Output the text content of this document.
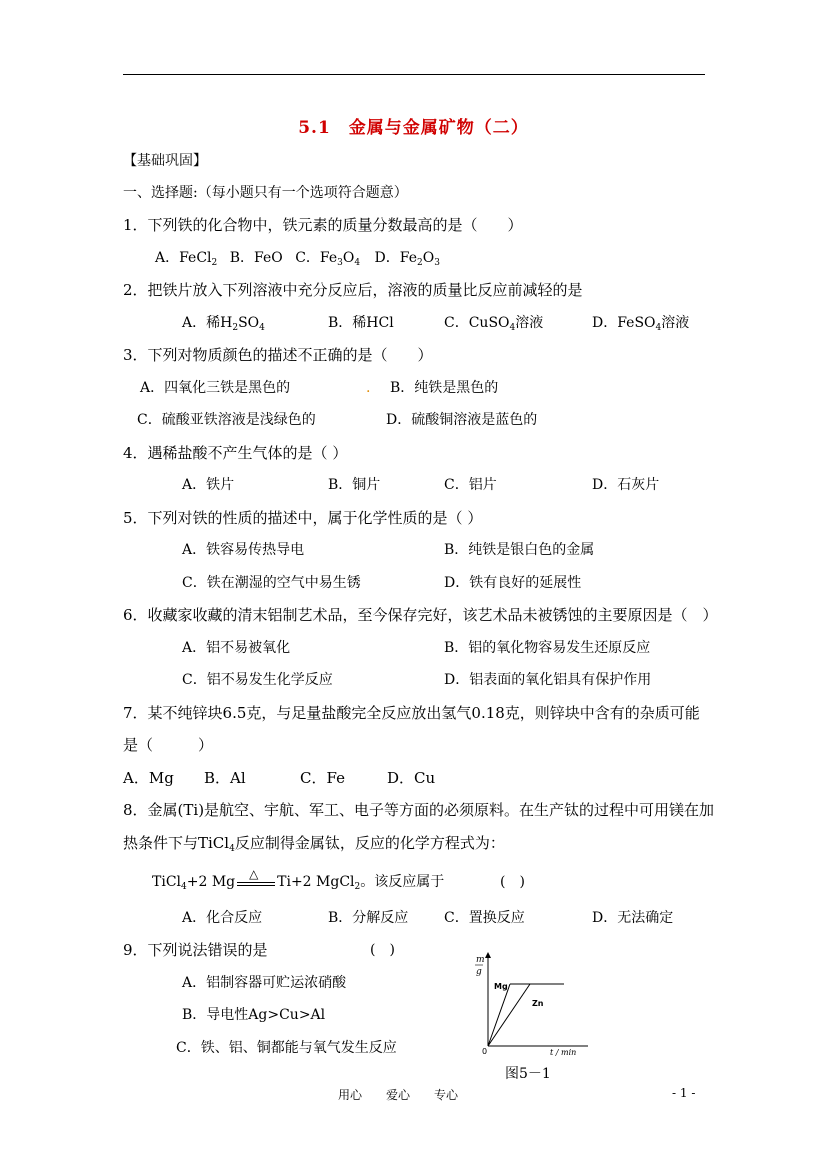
5.1　金属与金属矿物（二）
【基础巩固】
一、选择题:（每小题只有一个选项符合题意）
1．下列铁的化合物中，铁元素的质量分数最高的是（　　）
A．FeCl$_2$ B．FeO C．$Fe_3O_4$ D．$Fe_2O_3$
2．把铁片放入下列溶液中充分反应后，溶液的质量比反应前减轻的是
A．稀$H_2SO_4$	B．稀HCl	C．CuSO$_4$溶液	D．FeSO$_4$溶液
3．下列对物质颜色的描述不正确的是（　　）
A．四氧化三铁是黑色的	. B．纯铁是黑色的
C．硫酸亚铁溶液是浅绿色的	D．硫酸铜溶液是蓝色的
4．遇稀盐酸不产生气体的是（ ）
A．铁片	B．铜片	C．铝片	D．石灰片
5．下列对铁的性质的描述中，属于化学性质的是（ ）
A．铁容易传热导电	B．纯铁是银白色的金属
C．铁在潮湿的空气中易生锈	D．铁有良好的延展性
6．收藏家收藏的清末铝制艺术品，至今保存完好，该艺术品未被锈蚀的主要原因是（　）
A．铝不易被氧化	B．铝的氧化物容易发生还原反应
C．铝不易发生化学反应	D．铝表面的氧化铝具有保护作用
7．某不纯锌块6.5克，与足量盐酸完全反应放出氢气0.18克，则锌块中含有的杂质可能
是（　　　）
A．Mg B．Al	C．Fe	D．Cu
8．金属(Ti)是航空、宇航、军工、电子等方面的必须原料。在生产钛的过程中可用镁在加
热条件下与TiCl$_4$反应制得金属钛，反应的化学方程式为：
TiCl$_4$+2 Mg △ Ti+2 MgCl$_2$。该反应属于	(　)
A．化合反应	B．分解反应	C．置换反应	D．无法确定
9．下列说法错误的是	(　)
A．铝制容器可贮运浓硝酸
B．导电性Ag>Cu>Al
C．铁、铝、铜都能与氧气发生反应
m
g
0	t / min
Mg
Zn
图5－1
用心　　爱心　　专心	- 1 -
